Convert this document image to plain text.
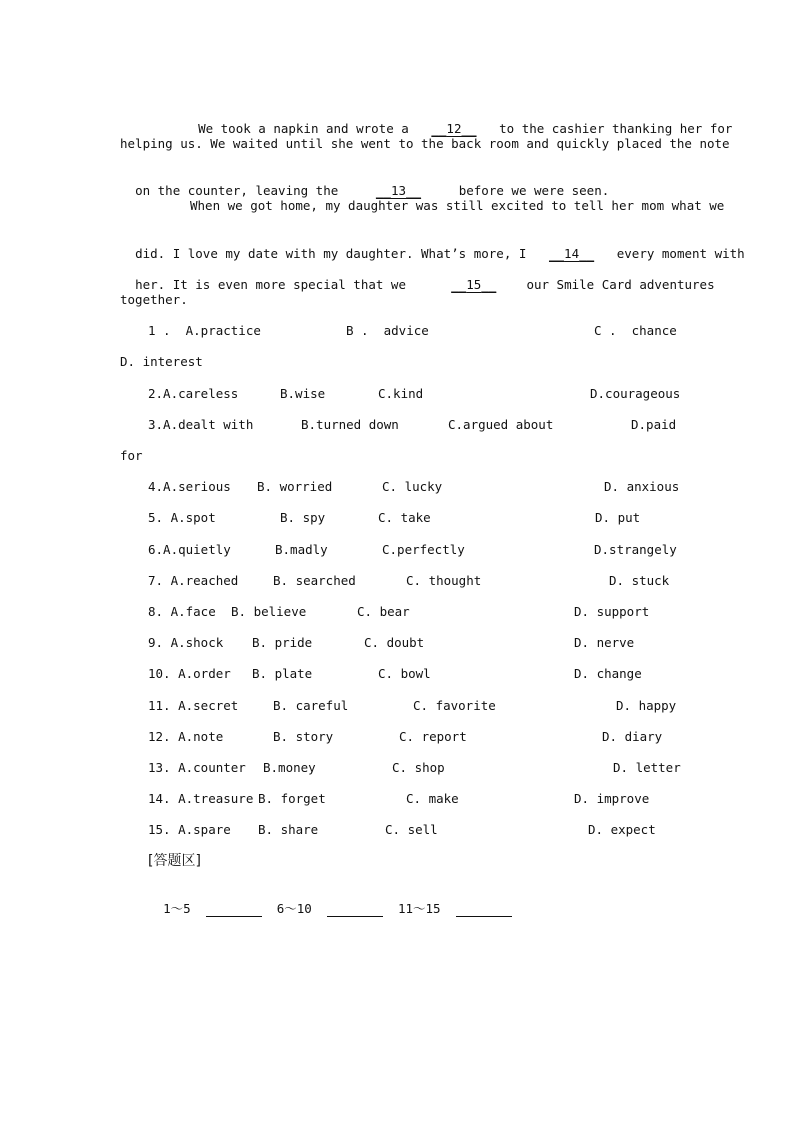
We took a napkin and wrote a __12__ to the cashier thanking her for

helping us. We waited until she went to the back room and quickly placed the note

on the counter, leaving the	__13__	before we were seen.

When we got home, my daughter was still excited to tell her mom what we

did. I love my date with my daughter. What’s more, I __14__ every moment with

her. It is even more special that we	__15__ our Smile Card adventures

together.
1 .  A.practice	B .  advice	C .  chance
D. interest
2.A.careless	B.wise	C.kind	D.courageous
3.A.dealt with	B.turned down	C.argued about	D.paid
for
4.A.serious B. worried	C. lucky	D. anxious
5. A.spot	B. spy	C. take	D. put
6.A.quietly	B.madly	C.perfectly	D.strangely
7. A.reached	B. searched	C. thought	D. stuck
8. A.face B. believe	C. bear	D. support
9. A.shock B. pride	C. doubt	D. nerve
10. A.order B. plate	C. bowl	D. change
11. A.secret	B. careful	C. favorite	D. happy
12. A.note	B. story	C. report	D. diary
13. A.counter B.money	C. shop	D. letter
14. A.treasure B. forget	C. make	D. improve
15. A.spare B. share	C. sell	D. expect
[答题区]

1～5	6～10	11～15
